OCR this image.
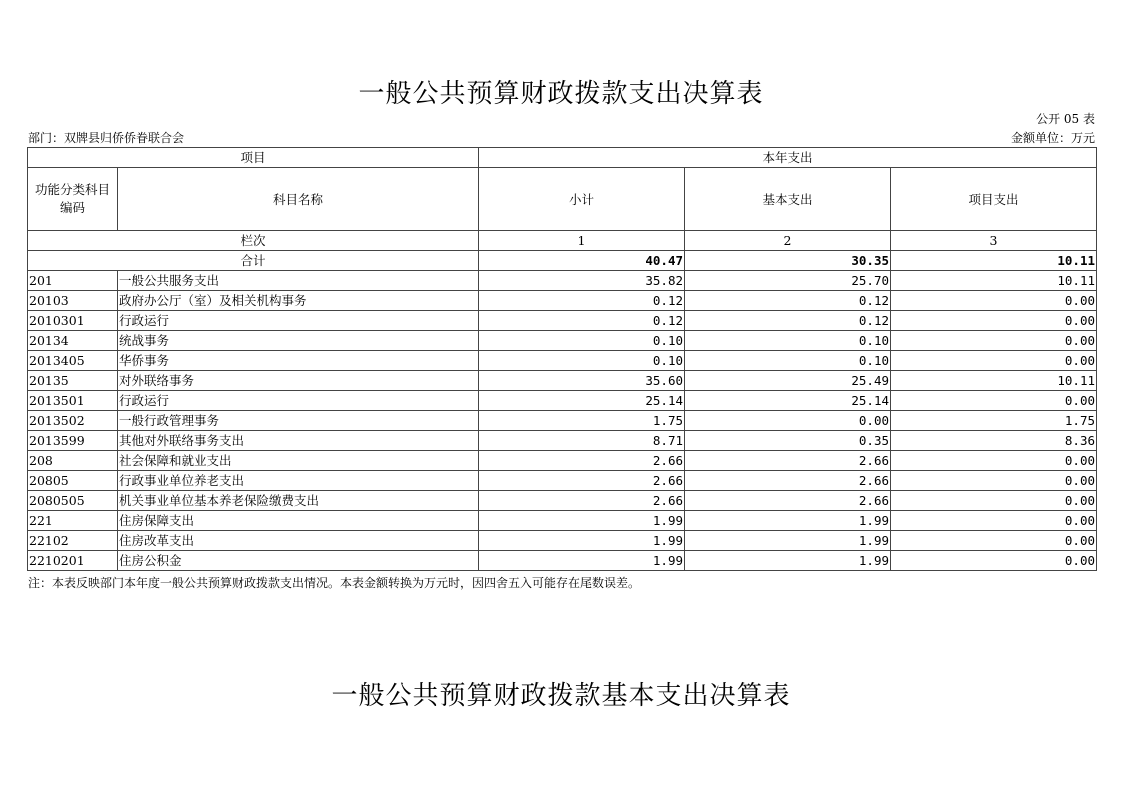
一般公共预算财政拨款支出决算表
公开 05 表
部门：双牌县归侨侨眷联合会	金额单位：万元
项目		本年支出		
功能分类科目编码	科目名称	小计	基本支出	项目支出
栏次		1	2	3
合计		40.47	30.35	10.11
201	一般公共服务支出	35.82	25.70	10.11
20103	政府办公厅（室）及相关机构事务	0.12	0.12	0.00
2010301	行政运行	0.12	0.12	0.00
20134	统战事务	0.10	0.10	0.00
2013405	华侨事务	0.10	0.10	0.00
20135	对外联络事务	35.60	25.49	10.11
2013501	行政运行	25.14	25.14	0.00
2013502	一般行政管理事务	1.75	0.00	1.75
2013599	其他对外联络事务支出	8.71	0.35	8.36
208	社会保障和就业支出	2.66	2.66	0.00
20805	行政事业单位养老支出	2.66	2.66	0.00
2080505	机关事业单位基本养老保险缴费支出	2.66	2.66	0.00
221	住房保障支出	1.99	1.99	0.00
22102	住房改革支出	1.99	1.99	0.00
2210201	住房公积金	1.99	1.99	0.00
注：本表反映部门本年度一般公共预算财政拨款支出情况。本表金额转换为万元时，因四舍五入可能存在尾数误差。
一般公共预算财政拨款基本支出决算表
